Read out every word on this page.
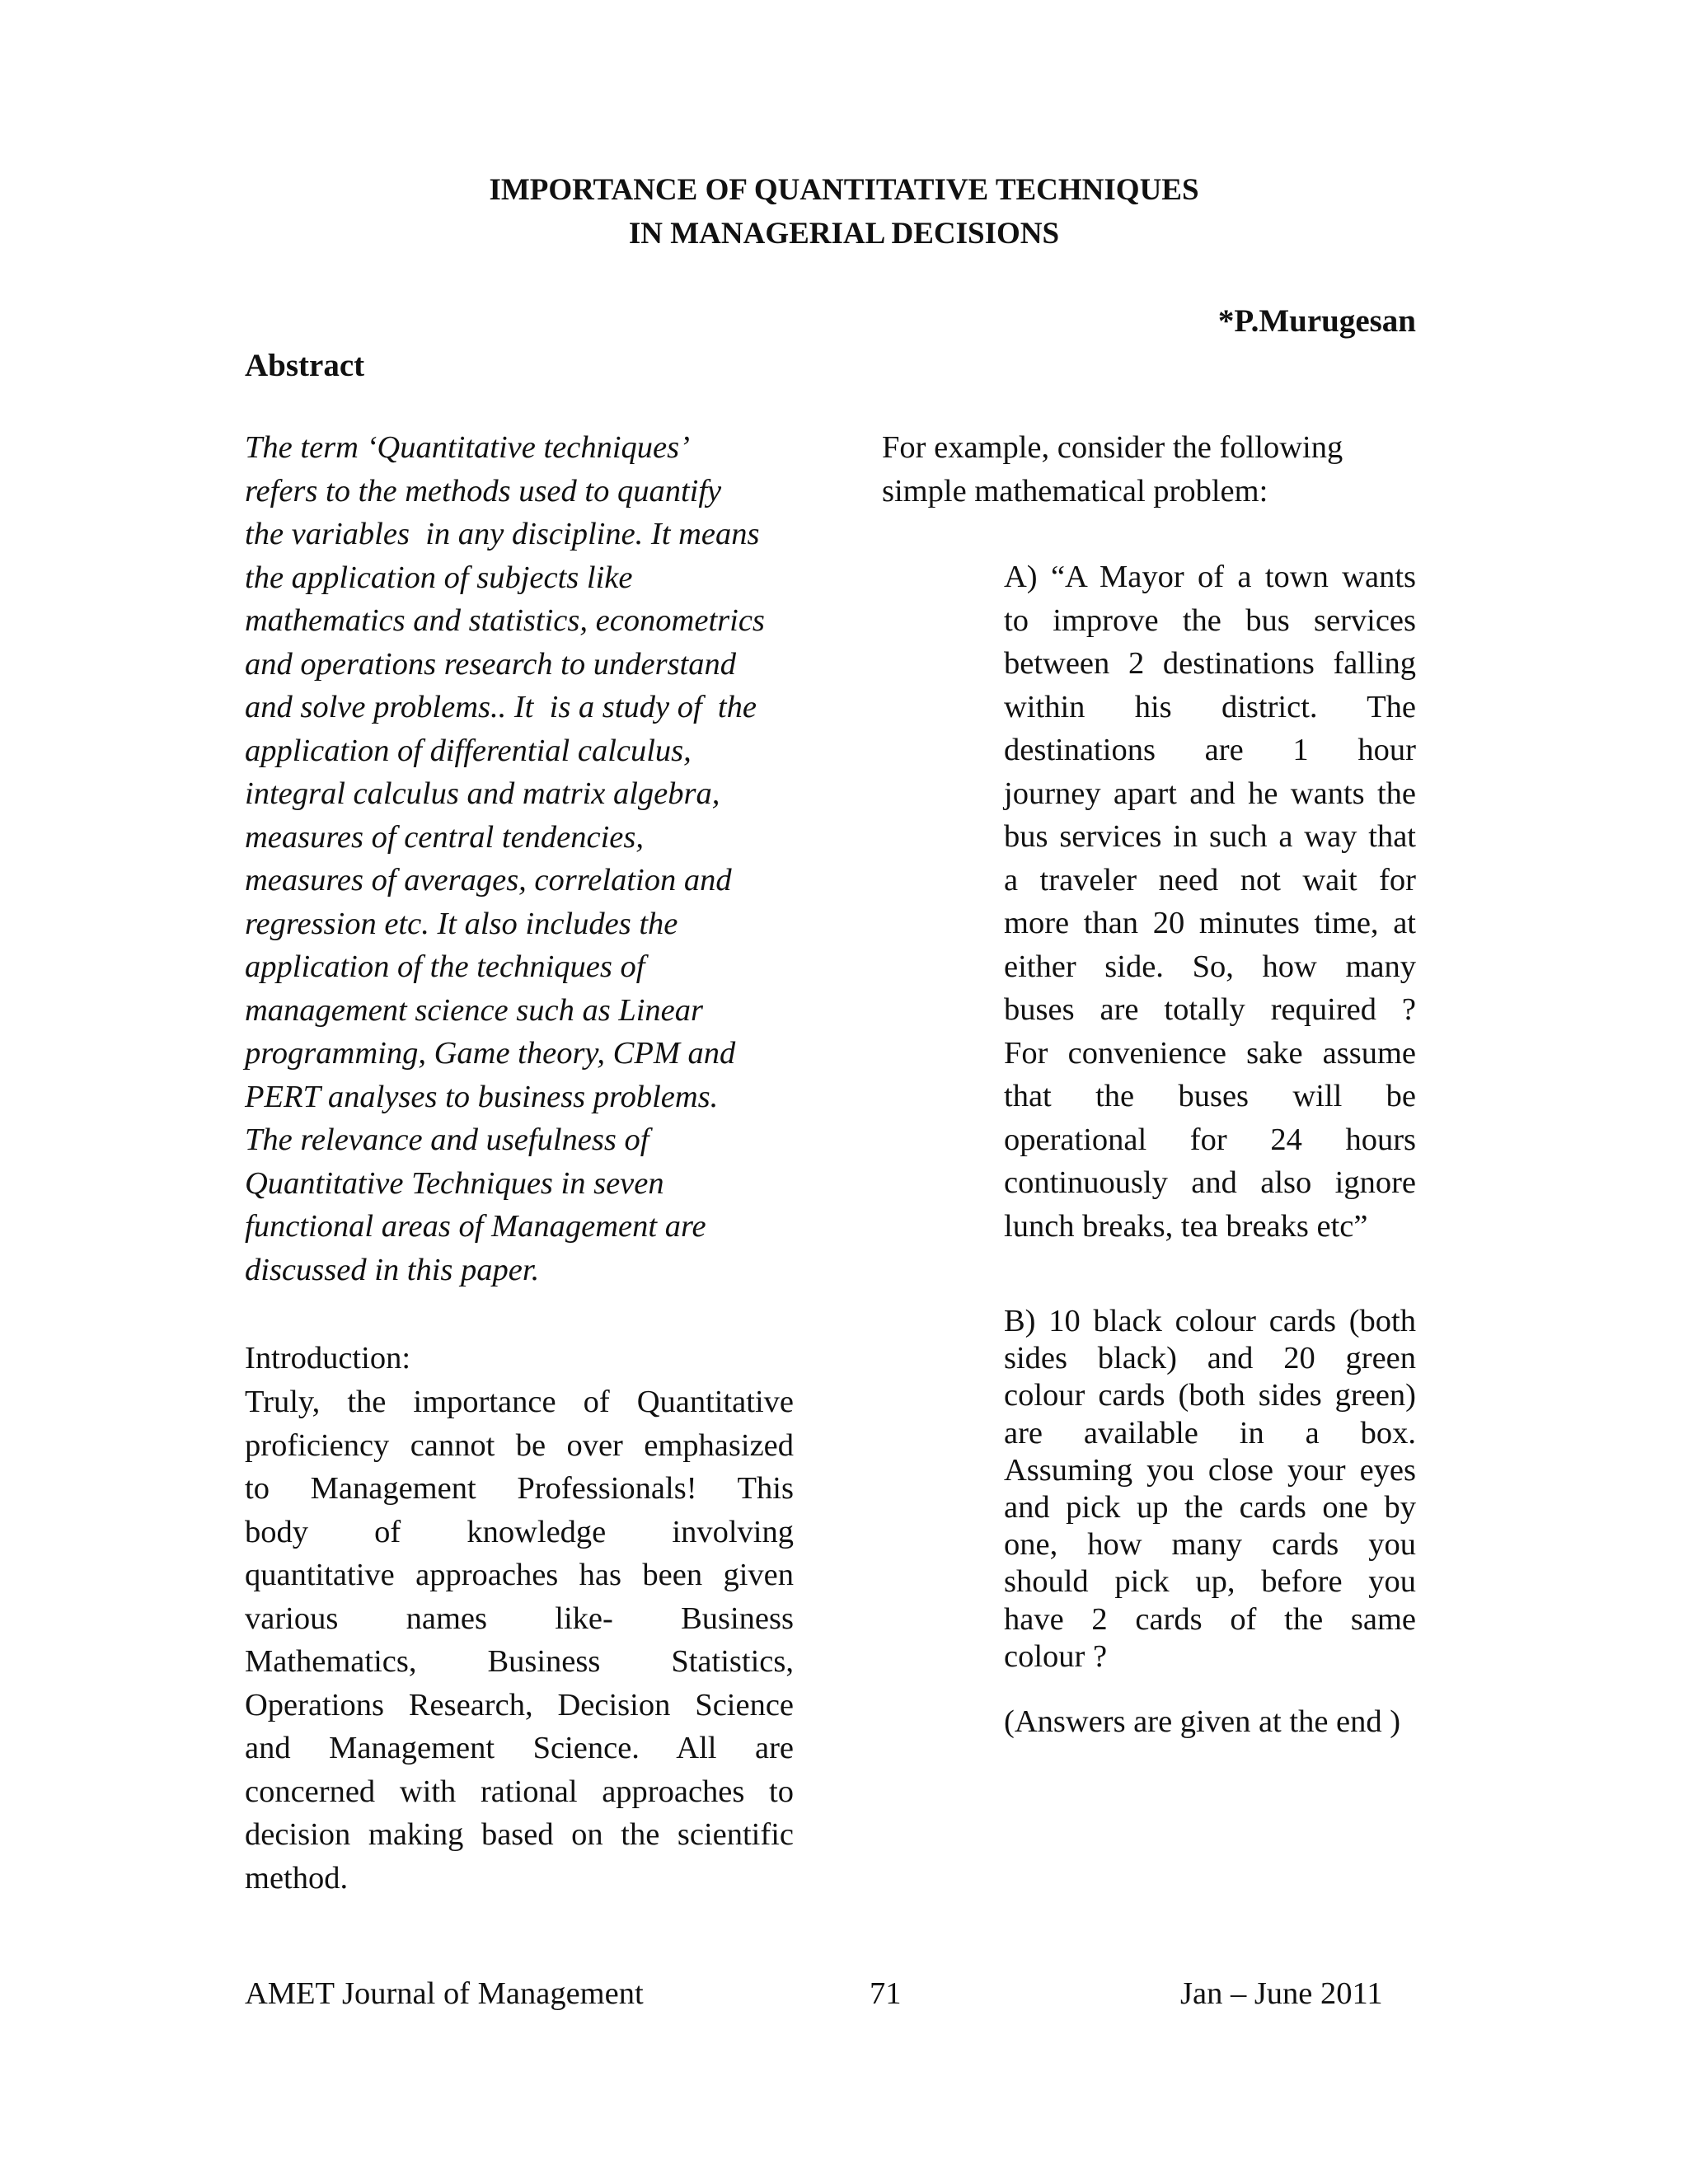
IMPORTANCE OF QUANTITATIVE TECHNIQUES
IN MANAGERIAL DECISIONS
*P.Murugesan
Abstract
The term ‘Quantitative techniques’
refers to the methods used to quantify
the variables  in any discipline. It means
the application of subjects like
mathematics and statistics, econometrics
and operations research to understand
and solve problems.. It  is a study of  the
application of differential calculus,
integral calculus and matrix algebra,
measures of central tendencies,
measures of averages, correlation and
regression etc. It also includes the
application of the techniques of
management science such as Linear
programming, Game theory, CPM and
PERT analyses to business problems.
The relevance and usefulness of
Quantitative Techniques in seven
functional areas of Management are
discussed in this paper.
Introduction:
Truly, the importance of Quantitative
proficiency cannot be over emphasized
to Management Professionals! This
body of knowledge involving
quantitative approaches has been given
various names like- Business
Mathematics, Business Statistics,
Operations Research, Decision Science
and Management Science. All are
concerned with rational approaches to
decision making based on the scientific
method.
For example, consider the following
simple mathematical problem:
A) “A Mayor of a town wants
to improve the bus services
between 2 destinations falling
within his district. The
destinations are 1 hour
journey apart and he wants the
bus services in such a way that
a traveler need not wait for
more than 20 minutes time, at
either side. So, how many
buses are totally required ?
For convenience sake assume
that the buses will be
operational for 24 hours
continuously and also ignore
lunch breaks, tea breaks etc”
B) 10 black colour cards (both
sides black) and 20 green
colour cards (both sides green)
are available in a box.
Assuming you close your eyes
and pick up the cards one by
one, how many cards you
should pick up, before you
have 2 cards of the same
colour ?
(Answers are given at the end )
AMET Journal of Management	71	Jan – June 2011
